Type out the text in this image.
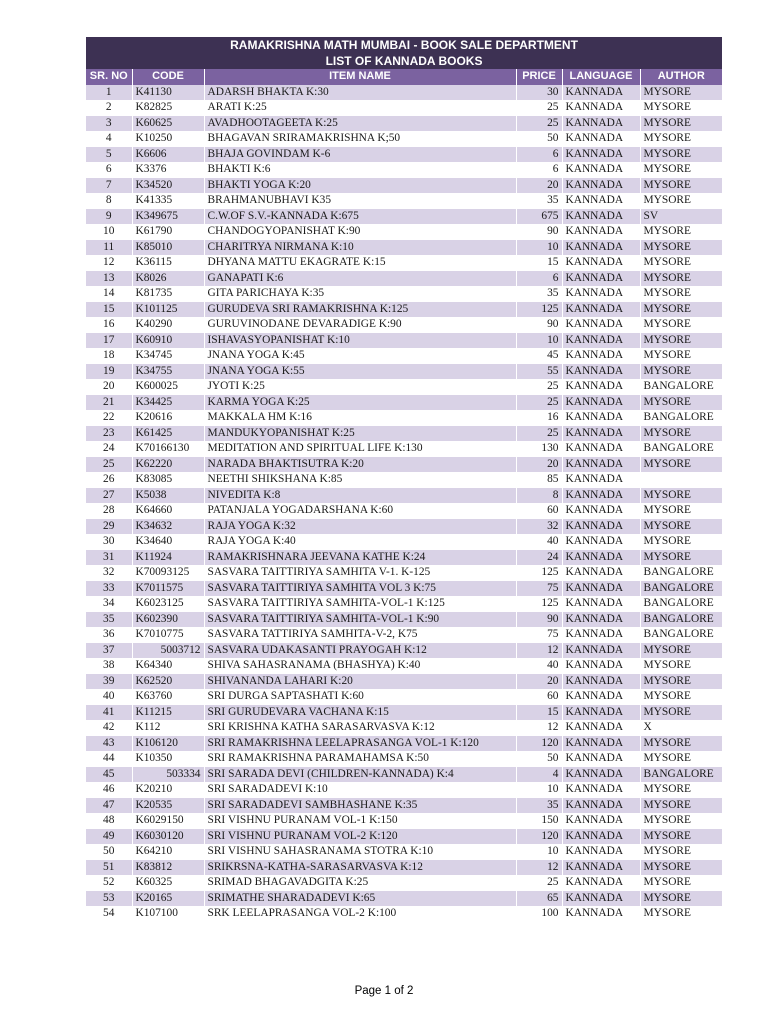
RAMAKRISHNA MATH MUMBAI - BOOK SALE DEPARTMENT					
LIST OF KANNADA BOOKS					
SR. NO	CODE	ITEM NAME	PRICE	LANGUAGE	AUTHOR
1	K41130	ADARSH BHAKTA K:30	30	KANNADA	MYSORE
2	K82825	ARATI K:25	25	KANNADA	MYSORE
3	K60625	AVADHOOTAGEETA K:25	25	KANNADA	MYSORE
4	K10250	BHAGAVAN SRIRAMAKRISHNA K;50	50	KANNADA	MYSORE
5	K6606	BHAJA GOVINDAM K-6	6	KANNADA	MYSORE
6	K3376	BHAKTI K:6	6	KANNADA	MYSORE
7	K34520	BHAKTI YOGA K:20	20	KANNADA	MYSORE
8	K41335	BRAHMANUBHAVI K35	35	KANNADA	MYSORE
9	K349675	C.W.OF S.V.-KANNADA K:675	675	KANNADA	SV
10	K61790	CHANDOGYOPANISHAT K:90	90	KANNADA	MYSORE
11	K85010	CHARITRYA NIRMANA K:10	10	KANNADA	MYSORE
12	K36115	DHYANA MATTU EKAGRATE K:15	15	KANNADA	MYSORE
13	K8026	GANAPATI K:6	6	KANNADA	MYSORE
14	K81735	GITA PARICHAYA K:35	35	KANNADA	MYSORE
15	K101125	GURUDEVA SRI RAMAKRISHNA K:125	125	KANNADA	MYSORE
16	K40290	GURUVINODANE DEVARADIGE K:90	90	KANNADA	MYSORE
17	K60910	ISHAVASYOPANISHAT K:10	10	KANNADA	MYSORE
18	K34745	JNANA YOGA K:45	45	KANNADA	MYSORE
19	K34755	JNANA YOGA K:55	55	KANNADA	MYSORE
20	K600025	JYOTI K:25	25	KANNADA	BANGALORE
21	K34425	KARMA YOGA K:25	25	KANNADA	MYSORE
22	K20616	MAKKALA HM K:16	16	KANNADA	BANGALORE
23	K61425	MANDUKYOPANISHAT K:25	25	KANNADA	MYSORE
24	K70166130	MEDITATION AND SPIRITUAL LIFE K:130	130	KANNADA	BANGALORE
25	K62220	NARADA BHAKTISUTRA K:20	20	KANNADA	MYSORE
26	K83085	NEETHI SHIKSHANA K:85	85	KANNADA	
27	K5038	NIVEDITA K:8	8	KANNADA	MYSORE
28	K64660	PATANJALA YOGADARSHANA K:60	60	KANNADA	MYSORE
29	K34632	RAJA YOGA K:32	32	KANNADA	MYSORE
30	K34640	RAJA YOGA K:40	40	KANNADA	MYSORE
31	K11924	RAMAKRISHNARA JEEVANA KATHE K:24	24	KANNADA	MYSORE
32	K70093125	SASVARA TAITTIRIYA SAMHITA V-1. K-125	125	KANNADA	BANGALORE
33	K7011575	SASVARA TAITTIRIYA SAMHITA VOL 3 K:75	75	KANNADA	BANGALORE
34	K6023125	SASVARA TAITTIRIYA SAMHITA-VOL-1 K:125	125	KANNADA	BANGALORE
35	K602390	SASVARA TAITTIRIYA SAMHITA-VOL-1 K:90	90	KANNADA	BANGALORE
36	K7010775	SASVARA TATTIRIYA SAMHITA-V-2, K75	75	KANNADA	BANGALORE
37	5003712	SASVARA UDAKASANTI PRAYOGAH K:12	12	KANNADA	MYSORE
38	K64340	SHIVA SAHASRANAMA (BHASHYA) K:40	40	KANNADA	MYSORE
39	K62520	SHIVANANDA LAHARI K:20	20	KANNADA	MYSORE
40	K63760	SRI DURGA SAPTASHATI K:60	60	KANNADA	MYSORE
41	K11215	SRI GURUDEVARA VACHANA K:15	15	KANNADA	MYSORE
42	K112	SRI KRISHNA KATHA SARASARVASVA K:12	12	KANNADA	X
43	K106120	SRI RAMAKRISHNA LEELAPRASANGA VOL-1 K:120	120	KANNADA	MYSORE
44	K10350	SRI RAMAKRISHNA PARAMAHAMSA K:50	50	KANNADA	MYSORE
45	503334	SRI SARADA DEVI (CHILDREN-KANNADA) K:4	4	KANNADA	BANGALORE
46	K20210	SRI SARADADEVI K:10	10	KANNADA	MYSORE
47	K20535	SRI SARADADEVI SAMBHASHANE K:35	35	KANNADA	MYSORE
48	K6029150	SRI VISHNU PURANAM VOL-1 K:150	150	KANNADA	MYSORE
49	K6030120	SRI VISHNU PURANAM VOL-2 K:120	120	KANNADA	MYSORE
50	K64210	SRI VISHNU SAHASRANAMA STOTRA K:10	10	KANNADA	MYSORE
51	K83812	SRIKRSNA-KATHA-SARASARVASVA K:12	12	KANNADA	MYSORE
52	K60325	SRIMAD BHAGAVADGITA K:25	25	KANNADA	MYSORE
53	K20165	SRIMATHE SHARADADEVI K:65	65	KANNADA	MYSORE
54	K107100	SRK LEELAPRASANGA VOL-2 K:100	100	KANNADA	MYSORE
Page 1 of 2
